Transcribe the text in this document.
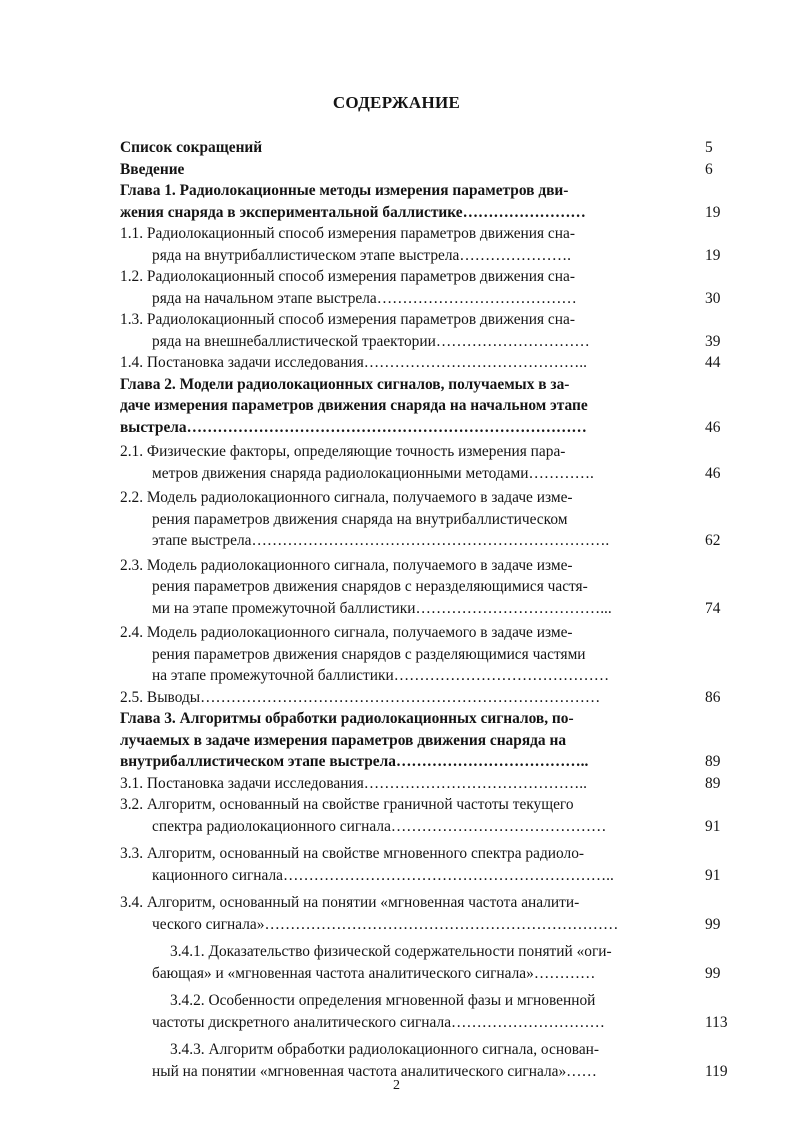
СОДЕРЖАНИЕ
Список сокращений	5
Введение	6
Глава 1. Радиолокационные методы измерения параметров дви-
жения снаряда в экспериментальной баллистике……………………	19
1.1. Радиолокационный способ измерения параметров движения сна-
ряда на внутрибаллистическом этапе выстрела………………….	19
1.2. Радиолокационный способ измерения параметров движения сна-
ряда на начальном этапе выстрела…………………………………	30
1.3. Радиолокационный способ измерения параметров движения сна-
ряда на внешнебаллистической траектории…………………………	39
1.4. Постановка задачи исследования……………………………………..	44
Глава 2. Модели радиолокационных сигналов, получаемых в за-
даче измерения параметров движения снаряда на начальном этапе
выстрела……………………………………………………………………	46
2.1. Физические факторы, определяющие точность измерения пара-
метров движения снаряда радиолокационными методами………….	46
2.2. Модель радиолокационного сигнала, получаемого в задаче изме-
рения параметров движения снаряда на внутрибаллистическом
этапе выстрела…………………………………………………………….	62
2.3. Модель радиолокационного сигнала, получаемого в задаче изме-
рения параметров движения снарядов с неразделяющимися частя-
ми на этапе промежуточной баллистики………………………………...	74
2.4. Модель радиолокационного сигнала, получаемого в задаче изме-
рения параметров движения снарядов с разделяющимися частями
на этапе промежуточной баллистики……………………………………
2.5. Выводы……………………………………………………………………	86
Глава 3. Алгоритмы обработки радиолокационных сигналов, по-
лучаемых в задаче измерения параметров движения снаряда на
внутрибаллистическом этапе выстрела………………………………..	89
3.1. Постановка задачи исследования……………………………………..	89
3.2. Алгоритм, основанный на свойстве граничной частоты текущего
спектра радиолокационного сигнала……………………………………	91
3.3. Алгоритм, основанный на свойстве мгновенного спектра радиоло-
кационного сигнала………………………………………………………..	91
3.4. Алгоритм, основанный на понятии «мгновенная частота аналити-
ческого сигнала»……………………………………………………………	99
3.4.1. Доказательство физической содержательности понятий «оги-
бающая» и «мгновенная частота аналитического сигнала»…………	99
3.4.2. Особенности определения мгновенной фазы и мгновенной
частоты дискретного аналитического сигнала…………………………	113
3.4.3. Алгоритм обработки радиолокационного сигнала, основан-
ный на понятии «мгновенная частота аналитического сигнала»……	119
2
